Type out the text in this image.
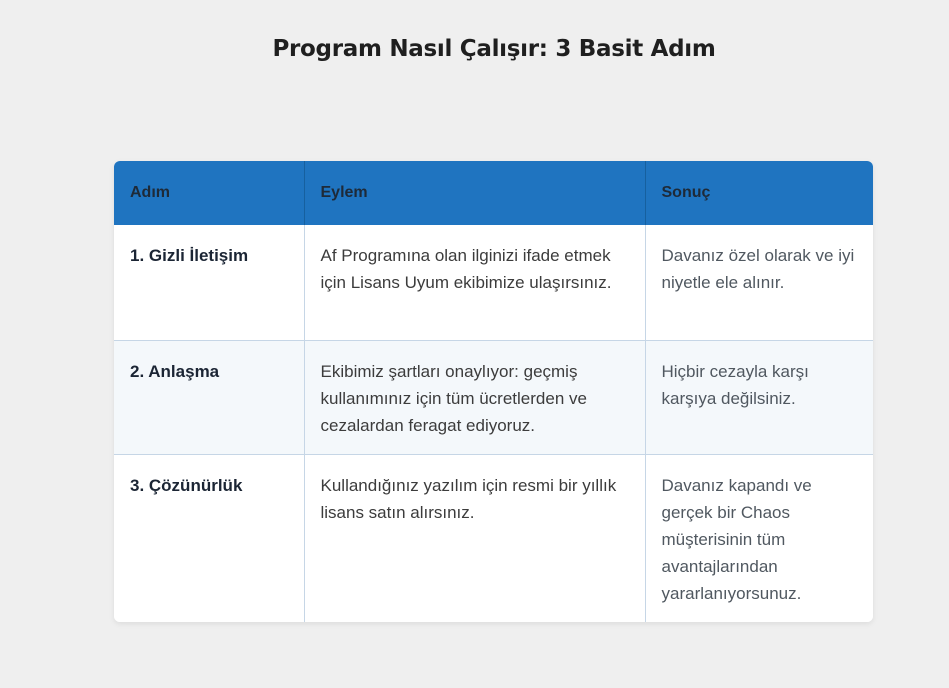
Program Nasıl Çalışır: 3 Basit Adım
Adım	Eylem	Sonuç
1. Gizli İletişim	Af Programına olan ilginizi ifade etmek için Lisans Uyum ekibimize ulaşırsınız.	Davanız özel olarak ve iyi niyetle ele alınır.
2. Anlaşma	Ekibimiz şartları onaylıyor: geçmiş kullanımınız için tüm ücretlerden ve cezalardan feragat ediyoruz.	Hiçbir cezayla karşı karşıya değilsiniz.
3. Çözünürlük	Kullandığınız yazılım için resmi bir yıllık lisans satın alırsınız.	Davanız kapandı ve gerçek bir Chaos müşterisinin tüm avantajlarından yararlanıyorsunuz.
